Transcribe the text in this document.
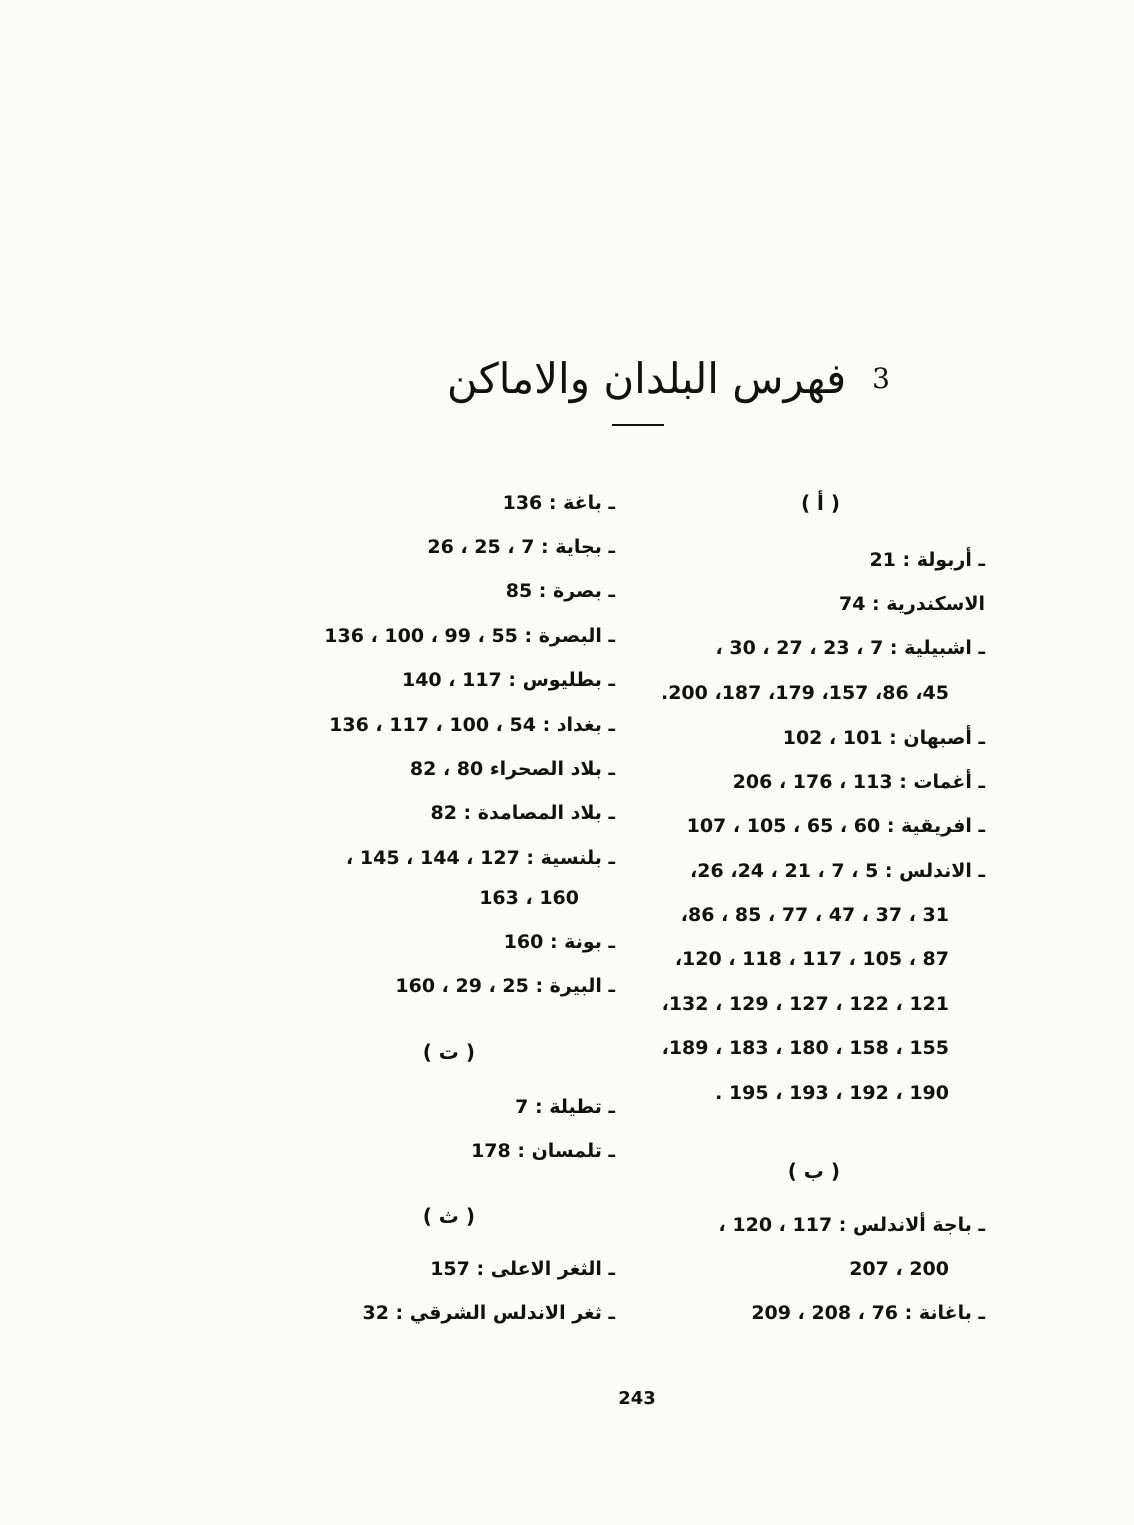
3
فهرس البلدان والاماكن
( أ )
ـ أربولة : 21
الاسكندرية : 74
ـ اشبيلية : 7 ، 23 ، 27 ، 30 ،
45، 86، 157، 179، 187، 200.
ـ أصبهان : 101 ، 102
ـ أغمات : 113 ، 176 ، 206
ـ افريقية : 60 ، 65 ، 105 ، 107
ـ الاندلس : 5 ، 7 ، 21 ، 24، 26،
31 ، 37 ، 47 ، 77 ، 85 ، 86،
87 ، 105 ، 117 ، 118 ، 120،
121 ، 122 ، 127 ، 129 ، 132،
155 ، 158 ، 180 ، 183 ، 189،
190 ، 192 ، 193 ، 195 .
( ب )
ـ باجة ألاندلس : 117 ، 120 ،
200 ، 207
ـ باغانة : 76 ، 208 ، 209
ـ باغة : 136
ـ بجاية : 7 ، 25 ، 26
ـ بصرة : 85
ـ البصرة : 55 ، 99 ، 100 ، 136
ـ بطليوس : 117 ، 140
ـ بغداد : 54 ، 100 ، 117 ، 136
ـ بلاد الصحراء 80 ، 82
ـ بلاد المصامدة : 82
ـ بلنسية : 127 ، 144 ، 145 ،
160 ، 163
ـ بونة : 160
ـ البيرة : 25 ، 29 ، 160
( ت )
ـ تطيلة : 7
ـ تلمسان : 178
( ث )
ـ الثغر الاعلى : 157
ـ ثغر الاندلس الشرقي : 32
243
